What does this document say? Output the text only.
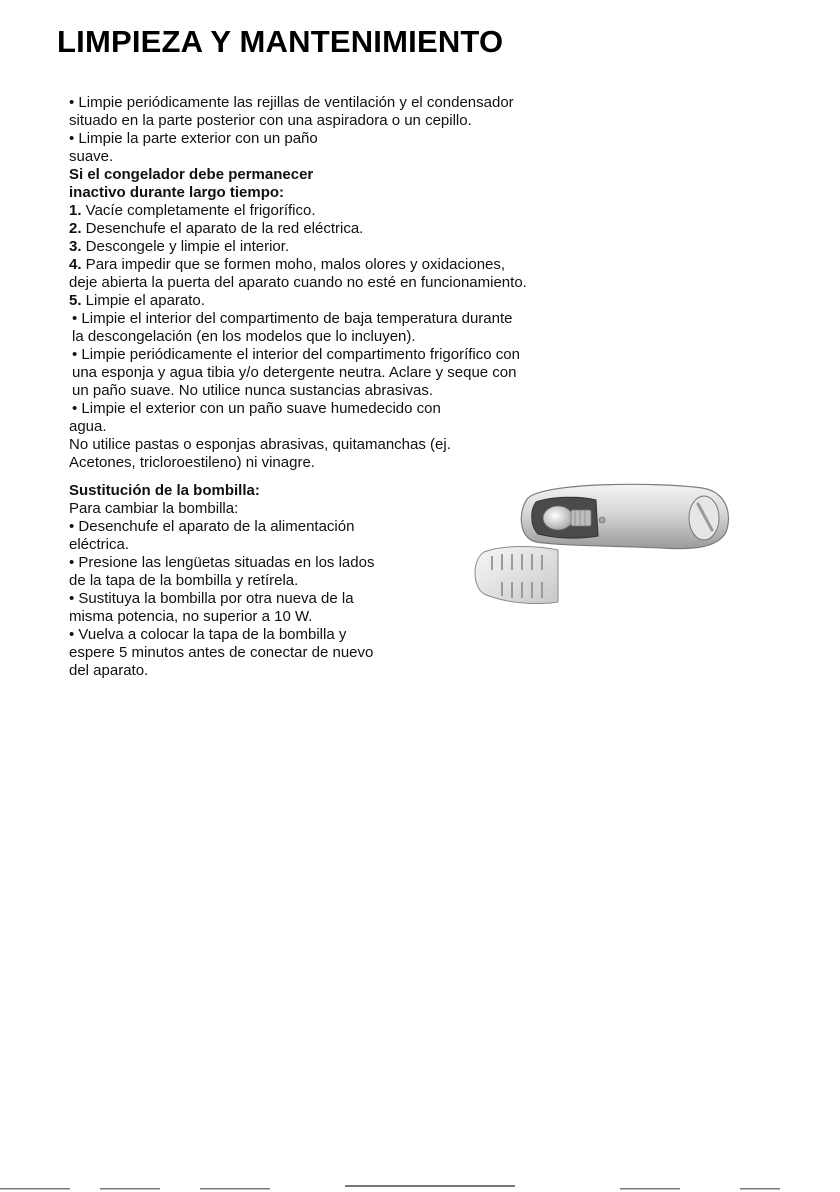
LIMPIEZA Y MANTENIMIENTO
• Limpie periódicamente las rejillas de ventilación y el condensador
situado en la parte posterior con una aspiradora o un cepillo.
• Limpie la parte exterior con un paño
suave.
Si el congelador debe permanecer
inactivo durante largo tiempo:
1. Vacíe completamente el frigorífico.
2. Desenchufe el aparato de la red eléctrica.
3. Descongele y limpie el interior.
4. Para impedir que se formen moho, malos olores y oxidaciones,
deje abierta la puerta del aparato cuando no esté en funcionamiento.
5. Limpie el aparato.
• Limpie el interior del compartimento de baja temperatura durante
la descongelación (en los modelos que lo incluyen).
• Limpie periódicamente el interior del compartimento frigorífico con
una esponja y agua tibia y/o detergente neutra. Aclare y seque con
un paño suave. No utilice nunca sustancias abrasivas.
• Limpie el exterior con un paño suave humedecido con
agua.
No utilice pastas o esponjas abrasivas, quitamanchas (ej.
Acetones, tricloroestileno) ni vinagre.
Sustitución de la bombilla:
Para cambiar la bombilla:
• Desenchufe el aparato de la alimentación
eléctrica.
• Presione las lengüetas situadas en los lados
de la tapa de la bombilla y retírela.
• Sustituya la bombilla por otra nueva de la
misma potencia, no superior a 10 W.
• Vuelva a colocar la tapa de la bombilla y
espere 5 minutos antes de conectar de nuevo
del aparato.
